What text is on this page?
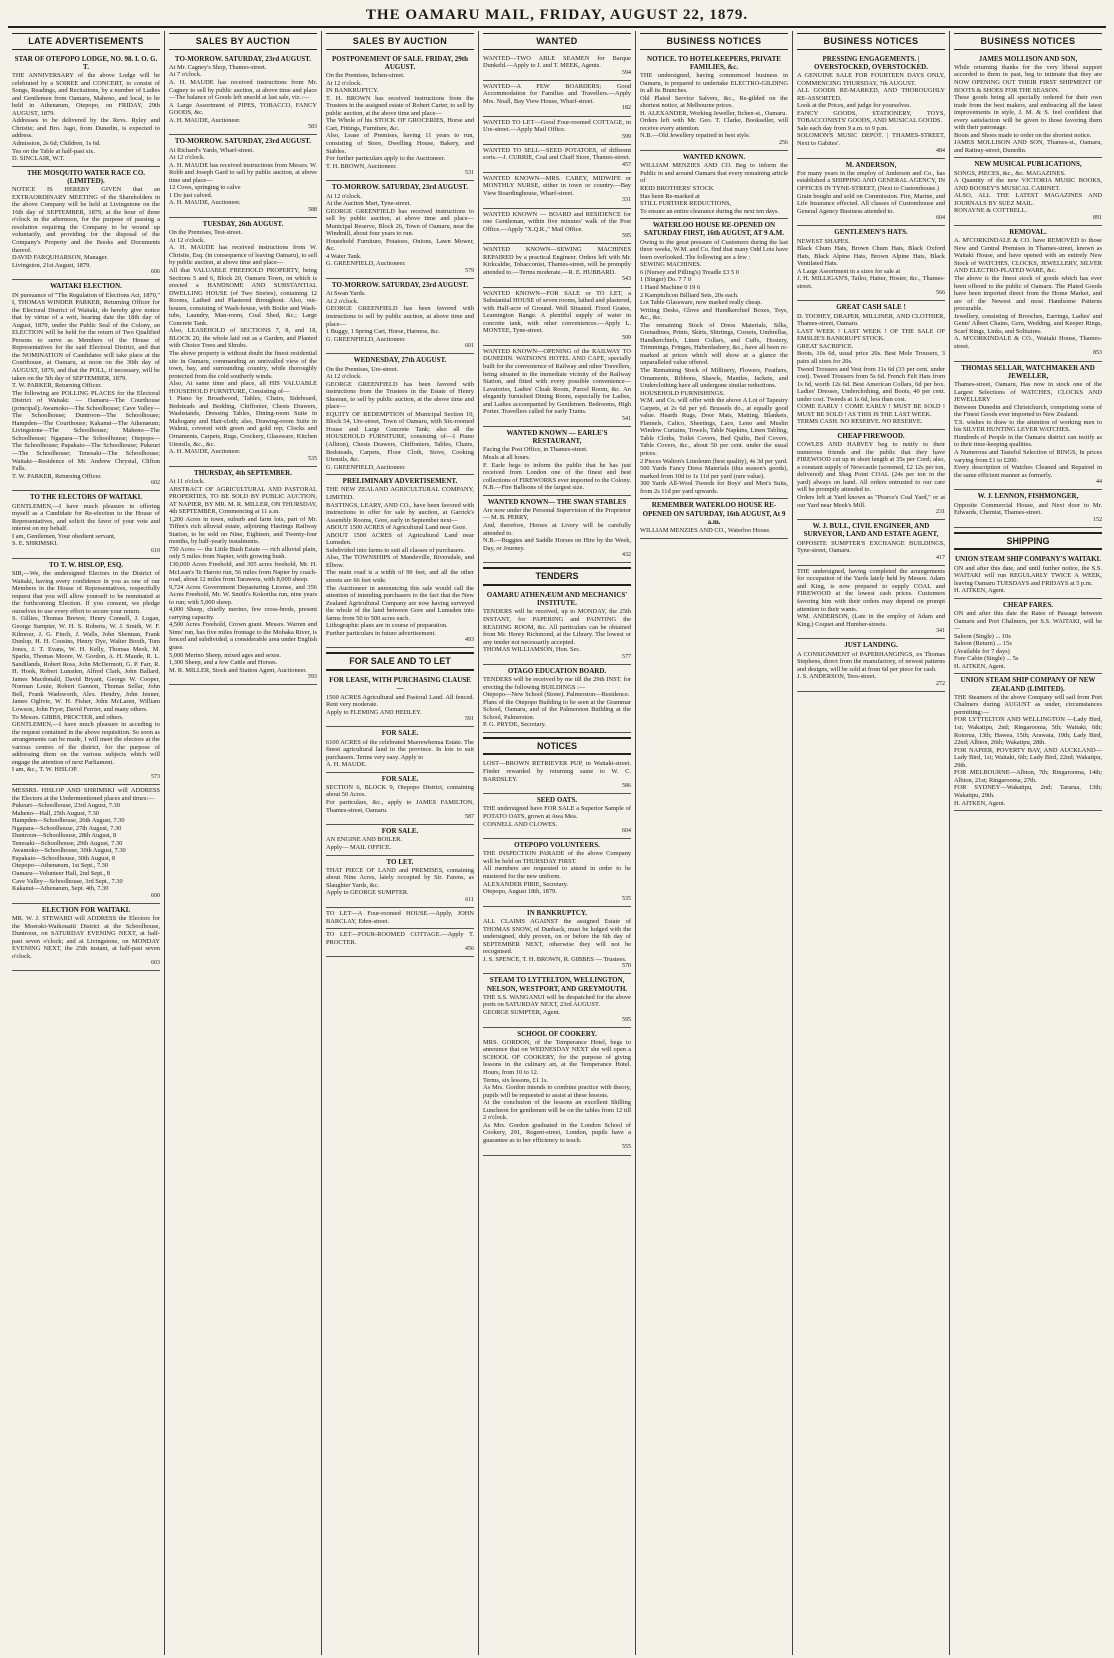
THE OAMARU MAIL, FRIDAY, AUGUST 22, 1879.
LATE ADVERTISEMENTS
STAR OF OTEPOPO LODGE, NO. 98. I. O. G. T.
THE ANNIVERSARY of the above Lodge will be celebrated by a SOIREE and CONCERT, to consist of Songs, Readings, and Recitations, by a number of Ladies and Gentlemen from Oamaru, Maheno, and local, to be held in Athenæum, Otepopo, on FRIDAY, 29th AUGUST, 1879.
Addresses to be delivered by the Revs. Ryley and Christie; and Bro. Jago, from Dunedin, is expected to address.
Admission, 2s 6d; Children, 1s 6d.
Tea on the Table at half-past six.
D. SINCLAIR, W.T.
THE MOSQUITO WATER RACE CO. (LIMITED).
NOTICE IS HEREBY GIVEN that an EXTRAORDINARY MEETING of the Shareholders in the above Company will be held at Livingstone on the 16th day of SEPTEMBER, 1879, at the hour of three o'clock in the afternoon, for the purpose of passing a resolution requiring the Company to be wound up voluntarily, and providing for the disposal of the Company's Property and the Books and Documents thereof.
DAVID FARQUHARSON, Manager.
Livingston, 21st August, 1879.
606
WAITAKI ELECTION.
IN pursuance of "The Regulation of Elections Act, 1870," I, THOMAS WINDER PARKER, Returning Officer for the Electoral District of Waitaki, do hereby give notice that by virtue of a writ, bearing date the 18th day of August, 1879, under the Public Seal of the Colony, an ELECTION will be held for the return of Two Qualified Persons to serve as Members of the House of Representatives for the said Electoral District, and that the NOMINATION of Candidates will take place at the Courthouse, at Oamaru, at noon on the 30th day of AUGUST, 1879, and that the POLL, if necessary, will be taken on the 5th day of SEPTEMBER, 1879.
T. W. PARKER, Returning Officer.
The following are POLLING PLACES for the Electoral District of Waitaki: — Oamaru—The Courthouse (principal); Awamoko—The Schoolhouse; Cave Valley—The Schoolhouse; Duntroon—The Schoolhouse; Hampden—The Courthouse; Kakanui—The Athenæum; Livingstone—The Schoolhouse; Maheno—The Schoolhouse; Ngapara—The Schoolhouse; Otepopo—The Schoolhouse; Papakaio—The Schoolhouse; Pukeuri—The Schoolhouse; Tenesaki—The Schoolhouse; Waitaki—Residence of Mr. Andrew Chrystal, Clifton Falls.
T. W. PARKER, Returning Officer.
602
TO THE ELECTORS OF WAITAKI.
GENTLEMEN,—I have much pleasure in offering myself as a Candidate for Re-election to the House of Representatives, and solicit the favor of your vote and interest on my behalf.
I am, Gentlemen, Your obedient servant,
S. E. SHRIMSKI.
610
TO T. W. HISLOP, ESQ.
SIR,—We, the undersigned Electors in the District of Waitaki, having every confidence in you as one of our Members in the House of Representatives, respectfully request that you will allow yourself to be nominated at the forthcoming Election. If you consent, we pledge ourselves to use every effort to secure your return.
S. Gillies, Thomas Brewer, Henry Connell, J. Logan, George Sumpter, W. H. S. Roberts, W. J. Smith, W. F. Kilmour, J. G. Finch, J. Walls, John Shennan, Frank Dunlop, H. H. Cousins, Henry Dye, Walter Booth, Tom Jones, J. T. Evans, W. H. Kelly, Thomas Meek, M. Sparks, Thomas Moore, W. Gordon, A. H. Maude, R. L. Sandilands, Robert Ross, John McDermott, G. P. Farr, R. H. Hook, Robert Lunsden, Alfred Clark, John Ballard, James Macdonald, David Bryant, George W. Cooper, Norman Louie, Robert Gannon, Thomas Sellar, John Bell, Frank Wadsworth, Alex. Hendry, John Jenner, James Oglivie, W. H. Fisher, John McLaren, William Lowson, John Fryer, David Ferrier, and many others.
To Messrs. GIBBS, PROCTER, and others.
GENTLEMEN,—I have much pleasure in acceding to the request contained in the above requisition. So soon as arrangements can be made, I will meet the electors at the various centres of the district, for the purpose of addressing them on the various subjects which will engage the attention of next Parliament.
I am, &c., T. W. HISLOP.
573
MESSRS. HISLOP AND SHRIMSKI will ADDRESS the Electors at the Undermentioned places and times:—
Pukeuri—Schoolhouse, 23rd August, 7.30
Maheno—Hall, 25th August, 7.30
Hampden—Schoolhouse, 26th August, 7.30
Ngapara—Schoolhouse, 27th August, 7.30
Duntroon—Schoolhouse, 28th August, 8
Tenesaki—Schoolhouse, 29th August, 7.30
Awamoko—Schoolhouse, 30th August, 7.30
Papakaio—Schoolhouse, 30th August, 8
Otepopo—Athenæum, 1st Sept., 7.30
Oamaru—Volunteer Hall, 2nd Sept., 8
Cave Valley—Schoolhouse, 3rd Sept., 7.30
Kakanui—Athenæum, Sept. 4th, 7.30
600
ELECTION FOR WAITAKI.
MR. W. J. STEWARD will ADDRESS the Electors for the Moeraki-Waikouaiti District at the Schoolhouse, Duntroon, on SATURDAY EVENING NEXT, at half-past seven o'clock; and at Livingstone, on MONDAY EVENING NEXT, the 25th instant, at half-past seven o'clock.
603
SALES BY AUCTION
TO-MORROW. SATURDAY, 23rd AUGUST.
At Mr. Cagney's Shop, Thames-street.
At 7 o'clock.
A. H. MAUDE has received instructions from Mr. Cagney to sell by public auction, at above time and place—The balance of Goods left unsold at last sale, viz.:—
A Large Assortment of PIPES, TOBACCO, FANCY GOODS, &c.
A. H. MAUDE, Auctioneer.
583
TO-MORROW. SATURDAY, 23rd AUGUST.
At Richard's Yards, Wharf-street.
At 12 o'clock.
A. H. MAUDE has received instructions from Messrs. W. Robb and Joseph Gard to sell by public auction, at above time and place—
12 Cows, springing to calve
1 Do just calved.
A. H. MAUDE, Auctioneer.
588
TUESDAY, 26th AUGUST.
On the Premises, Test-street.
At 12 o'clock.
A. H. MAUDE has received instructions from W. Christie, Esq. (in consequence of leaving Oamaru), to sell by public auction, at above time and place—
All that VALUABLE FREEHOLD PROPERTY, being Sections 5 and 6, Block 20, Oamaru Town, on which is erected a HANDSOME AND SUBSTANTIAL DWELLING HOUSE (of Two Stories), containing 12 Rooms, Lathed and Plastered throughout. Also, out-houses, consisting of Wash-house, with Boiler and Wash-tubs, Laundry, Man-room, Coal Shed, &c.; Large Concrete Tank.
Also, LEASEHOLD of SECTIONS 7, 8, and 18, BLOCK 20, the whole laid out as a Garden, and Planted with Choice Trees and Shrubs.
The above property is without doubt the finest residential site in Oamaru, commanding an unrivalled view of the town, bay, and surrounding country, while thoroughly protected from the cold southerly winds.
Also, At same time and place, all HIS VALUABLE HOUSEHOLD FURNITURE, Consisting of—
1 Piano by Broadwood, Tables, Chairs, Sideboard, Bedsteads and Bedding, Chiffonier, Chests Drawers, Washstands, Dressing Tables, Dining-room Suite in Mahogany and Hair-cloth; also, Drawing-room Suite in Walnut, covered with green and gold rep; Clocks and Ornaments, Carpets, Rugs, Crockery, Glassware, Kitchen Utensils, &c., &c.
A. H. MAUDE, Auctioneer.
535
THURSDAY, 4th SEPTEMBER.
At 11 o'clock.
ABSTRACT OF AGRICULTURAL AND PASTORAL PROPERTIES, TO BE SOLD BY PUBLIC AUCTION, AT NAPIER, BY MR. M. R. MILLER, ON THURSDAY, 4th SEPTEMBER, Commencing at 11 a.m.
1,200 Acres in town, suburb and farm lots, part of Mr. Tiffen's rich alluvial estate, adjoining Hastings Railway Station, to be sold on Nine, Eighteen, and Twenty-four months, by half-yearly instalments.
750 Acres — the Little Bush Estate — rich alluvial plain, only 5 miles from Napier, with growing bush.
130,000 Acres Freehold, and 305 acres freehold, Mr. H. McLean's Te Haroto run, 56 miles from Napier by coach-road, about 12 miles from Tarawera, with 8,000 sheep.
9,724 Acres Government Depasturing License, and 356 Acres Freehold, Mr. W. Smith's Kokoriha run, nine years to run; with 5,000 sheep.
4,000 Sheep, chiefly merino, few cross-breds, present carrying capacity.
4,500 Acres Freehold, Crown grant. Messrs. Warren and Sims' run, has five miles frontage to the Mohaka River, is fenced and subdivided, a considerable area under English grass.
5,000 Merino Sheep, mixed ages and sexes.
1,300 Sheep, and a few Cattle and Horses.
M. R. MILLER, Stock and Station Agent, Auctioneer.
593
SALES BY AUCTION
POSTPONEMENT OF SALE. FRIDAY, 29th AUGUST.
On the Premises, Itchen-street.
At 12 o'clock.
IN BANKRUPTCY.
T. H. BROWN has received instructions from the Trustees in the assigned estate of Robert Carter, to sell by public auction, at the above time and place—
The Whole of his STOCK OF GROCERIES, Horse and Cart, Fittings, Furniture, &c.
Also, Lease of Premises, having 11 years to run, consisting of Store, Dwelling House, Bakery, and Stables.
For further particulars apply to the Auctioneer.
T. H. BROWN, Auctioneer.
531
TO-MORROW. SATURDAY, 23rd AUGUST.
At 12 o'clock.
At the Auction Mart, Tyne-street.
GEORGE GREENFIELD has received instructions to sell by public auction, at above time and place— Municipal Reserve, Block 26, Town of Oamaru, near the Windmill, about four years to run.
Household Furniture, Potatoes, Onions, Lawn Mower, &c.
4 Water Tank.
G. GREENFIELD, Auctioneer.
579
TO-MORROW. SATURDAY, 23rd AUGUST.
At Swan Yards.
At 2 o'clock.
GEORGE GREENFIELD has been favored with instructions to sell by public auction, at above time and place—
1 Buggy, 1 Spring Cart, Horse, Harness, &c.
G. GREENFIELD, Auctioneer.
601
WEDNESDAY, 27th AUGUST.
On the Premises, Ure-street.
At 12 o'clock.
GEORGE GREENFIELD has been favored with instructions from the Trustees in the Estate of Henry Sheeran, to sell by public auction, at the above time and place—
EQUITY OF REDEMPTION of Municipal Section 10, Block 54, Ure-street, Town of Oamaru, with Six-roomed House and Large Concrete Tank; also all the HOUSEHOLD FURNITURE, consisting of—1 Piano (Albion), Chests Drawers, Chiffoniers, Tables, Chairs, Bedsteads, Carpets, Floor Cloth, Stove, Cooking Utensils, &c.
G. GREENFIELD, Auctioneer.
PRELIMINARY ADVERTISEMENT.
THE NEW ZEALAND AGRICULTURAL COMPANY, LIMITED.
BASTINGS, LEARY, AND CO., have been favored with instructions to offer for sale by auction, at Garrick's Assembly Rooms, Gore, early in September next—
ABOUT 1500 ACRES of Agricultural Land near Gore.
ABOUT 1500 ACRES of Agricultural Land near Lumsden.
Subdivided into farms to suit all classes of purchasers.
Also, The TOWNSHIPS of Mandeville, Riversdale, and Elbow.
The main road is a width of 99 feet, and all the other streets are 66 feet wide.
The Auctioneer in announcing this sale would call the attention of intending purchasers to the fact that the New Zealand Agricultural Company are now having surveyed the whole of the land between Gore and Lumsden into farms from 50 to 500 acres each.
Lithographic plans are in course of preparation.
Further particulars in future advertisement.
493
FOR SALE AND TO LET
FOR LEASE, WITH PURCHASING CLAUSE—
1500 ACRES Agricultural and Pastoral Land. All fenced. Rent very moderate.
Apply to FLEMING AND HEDLEY.
591
FOR SALE.
6100 ACRES of the celebrated Maerewhenua Estate. The finest agricultural land in the province. In lots to suit purchasers. Terms very easy. Apply to
A. H. MAUDE.
FOR SALE.
SECTION 6, BLOCK 9, Otepopo District, containing about 50 Acres.
For particulars, &c., apply to JAMES FAMILTON, Thames-street, Oamaru.
587
FOR SALE.
AN ENGINE AND BOILER.
Apply— MAIL OFFICE.
TO LET.
THAT PIECE OF LAND and PREMISES, containing about Nine Acres, lately occupied by Sir. Farens, as Slaughter Yards, &c.
Apply to GEORGE SUMPTER.
611
TO LET—A Four-roomed HOUSE.—Apply, JOHN BARCLAY, Eden-street.
TO LET—FOUR-ROOMED COTTAGE.—Apply T. PROCTER.
456
WANTED
WANTED—TWO ABLE SEAMEN for Barque Dunkeld.—Apply to J. and T. MEEK, Agents.
594
WANTED—A FEW BOARDERS; Good Accommodation for Families and Travellers.—Apply Mrs. Noall, Bay View House, Wharf-street.
182
WANTED TO LET—Good Four-roomed COTTAGE, in Ure-street.—Apply Mail Office.
599
WANTED TO SELL—SEED POTATOES, of different sorts.—J. CURRIE, Coal and Chaff Store, Thames-street.
457
WANTED KNOWN—MRS. CAREY, MIDWIFE or MONTHLY NURSE, either in town or country.—Bay View Boardinghouse, Wharf-street.
331
WANTED KNOWN — BOARD and RESIDENCE for one Gentleman, within five minutes' walk of the Post Office.—Apply "X.Q.R.," Mail Office.
595
WANTED KNOWN—SEWING MACHINES REPAIRED by a practical Engineer. Orders left with Mr. Kirkcaldie, Tobacconist, Thames-street, will be promptly attended to.—Terms moderate.—R. E. HUBBARD.
543
WANTED KNOWN—FOR SALE or TO LET, a Substantial HOUSE of seven rooms, lathed and plastered, with Half-acre of Ground. Well Situated. Fixed Grates, Leamington Range. A plentiful supply of water in concrete tank, with other conveniences.—Apply L. MONTEE, Tyne-street.
509
WANTED KNOWN—OPENING of the RAILWAY TO DUNEDIN. WATSON'S HOTEL AND CAFE, specially built for the convenience of Railway and other Travellers, being situated in the immediate vicinity of the Railway Station, and fitted with every possible convenience—Lavatories, Ladies' Cloak Room, Parcel Room, &c. An elegantly furnished Dining Room, especially for Ladies, and Ladies accompanied by Gentlemen. Bedrooms, High Porter. Travellers called for early Trains.
541
WANTED KNOWN — EARLE'S RESTAURANT,
Facing the Post Office, in Thames-street.
Meals at all hours.
F. Earle begs to inform the public that he has just received from London one of the finest and best collections of FIREWORKS ever imported to the Colony.
N.B.—Fire Balloons of the largest size.
WANTED KNOWN— THE SWAN STABLES
Are now under the Personal Supervision of the Proprietor— M. B. PERRY,
And, therefore, Horses at Livery will be carefully attended to.
N.B.—Buggies and Saddle Horses on Hire by the Week, Day, or Journey.
432
TENDERS
OAMARU ATHENÆUM AND MECHANICS' INSTITUTE.
TENDERS will be received, up to MONDAY, the 25th INSTANT, for PAPERING and PAINTING the READING ROOM, &c. All particulars can be obtained from Mr. Henry Richmond, at the Library. The lowest or any tender not necessarily accepted.
THOMAS WILLIAMSON, Hon. Sec.
577
OTAGO EDUCATION BOARD.
TENDERS will be received by me till the 29th INST. for erecting the following BUILDINGS :—
Otepopo—New School (Stone). Palmerston—Residence.
Plans of the Otepopo Building to be seen at the Grammar School, Oamaru, and of the Palmerston Building at the School, Palmerston.
P. G. PRYDE, Secretary.
NOTICES
LOST—BROWN RETRIEVER PUP, in Waitaki-street. Finder rewarded by returning same to W. C. BARDSLEY.
586
SEED OATS.
THE undersigned have FOR SALE a Superior Sample of POTATO OATS, grown at Awa Mea.
CONNELL AND CLOWES.
604
OTEPOPO VOLUNTEERS.
THE INSPECTION PARADE of the above Company will be held on THURSDAY FIRST.
All members are requested to attend in order to be mustered for the new uniform.
ALEXANDER PIRIE, Secretary.
Otepopo, August 18th, 1879.
535
IN BANKRUPTCY.
ALL CLAIMS AGAINST the assigned Estate of THOMAS SNOW, of Dunback, must be lodged with the undersigned, duly proven, on or before the 6th day of SEPTEMBER NEXT, otherwise they will not be recognised.
J. S. SPENCE, T. H. BROWN, R. GIBBES — Trustees.
570
STEAM TO LYTTELTON, WELLINGTON, NELSON, WESTPORT, AND GREYMOUTH.
THE S.S. WANGANUI will be despatched for the above ports on SATURDAY NEXT, 23rd AUGUST.
GEORGE SUMPTER, Agent.
595
SCHOOL OF COOKERY.
MRS. GORDON, of the Temperance Hotel, begs to announce that on WEDNESDAY NEXT she will open a SCHOOL OF COOKERY, for the purpose of giving lessons in the culinary art, at the Temperance Hotel. Hours, from 10 to 12.
Terms, six lessons, £1 1s.
As Mrs. Gordon intends to combine practice with theory, pupils will be requested to assist at these lessons.
At the conclusion of the lessons an excellent Shilling Luncheon for gentlemen will be on the tables from 12 till 2 o'clock.
As Mrs. Gordon graduated in the London School of Cookery, 291, Regent-street, London, pupils have a guarantee as to her efficiency to teach.
555
BUSINESS NOTICES
NOTICE. TO HOTELKEEPERS, PRIVATE FAMILIES, &c.
THE undersigned, having commenced business in Oamaru, is prepared to undertake ELECTRO-GILDING in all its Branches.
Old Plated Service Salvers, &c., Re-gilded on the shortest notice, at Melbourne prices.
H. ALEXANDER, Working Jeweller, Itchen-st., Oamaru.
Orders left with Mr. Geo. T. Clarke, Bookseller, will receive every attention.
N.B.—Old Jewellery repaired in best style.
256
WANTED KNOWN.
WILLIAM MENZIES AND CO. Beg to inform the Public in and around Oamaru that every remaining article of
REID BROTHERS' STOCK
Has been Re-marked at
STILL FURTHER REDUCTIONS,
To ensure an entire clearance during the next ten days.
WATERLOO HOUSE RE-OPENED ON SATURDAY FIRST, 16th AUGUST, AT 9 A.M.
Owing to the great pressure of Customers during the last three weeks, W.M. and Co. find that many Odd Lots have been overlooked. The following are a few :
SEWING MACHINES.
6 (Nursey and Pilling's) Treadle £3 5 0
1 (Singer) Do. 7 7 0
1 Hand Machine 0 19 6
2 Kamptulicon Billiard Sets, 20s each.
Lot Table Glassware, now marked really cheap.
Writing Desks, Glove and Handkerchief Boxes, Toys, &c., &c.
The remaining Stock of Dress Materials, Silks, Grenadines, Prints, Skirts, Shirtings, Corsets, Umbrellas, Handkerchiefs, Linen Collars, and Cuffs, Hosiery, Trimmings, Fringes, Haberdashery, &c., have all been re-marked at prices which will show at a glance the unparalleled value offered.
The Remaining Stock of Millinery, Flowers, Feathers, Ornaments, Ribbons, Shawls, Mantles, Jackets, and Underclothing have all undergone similar reductions.
HOUSEHOLD FURNISHINGS.
W.M. and Co. will offer with the above A Lot of Tapestry Carpets, at 2s 6d per yd. Brussels do., at equally good value. Hearth Rugs, Door Mats, Matting, Blankets, Flannels, Calico, Sheetings, Lace, Leno and Muslin Window Curtains, Towels, Table Napkins, Linen Tabling, Table Cloths, Toilet Covers, Bed Quilts, Bed Covers, Table Covers, &c., about 50 per cent. under the usual prices.
2 Pieces Walton's Linoleum (best quality), 4s 3d per yard.
500 Yards Fancy Dress Materials (this season's goods), marked from 10d to 1s 11d per yard (rare value).
300 Yards All-Wool Tweeds for Boys' and Men's Suits, from 2s 11d per yard upwards.
REMEMBER WATERLOO HOUSE RE-OPENED ON SATURDAY, 16th AUGUST, At 9 a.m.
WILLIAM MENZIES AND CO., Waterloo House.
BUSINESS NOTICES
PRESSING ENGAGEMENTS. | OVERSTOCKED, OVERSTOCKED.
A GENUINE SALE FOR FOURTEEN DAYS ONLY, COMMENCING THURSDAY, 7th AUGUST.
ALL GOODS RE-MARKED, AND THOROUGHLY RE-ASSORTED.
Look at the Prices, and judge for yourselves.
FANCY GOODS, STATIONERY, TOYS, TOBACCONISTS' GOODS, AND MUSICAL GOODS.
Sale each day from 9 a.m. to 9 p.m.
SOLOMON'S MUSIC DEPOT. | THAMES-STREET, Next to Gabites'.
484
M. ANDERSON,
For many years in the employ of Anderson and Co., has established a SHIPPING AND GENERAL AGENCY, IN OFFICES IN TYNE-STREET, (Next to Customhouse.)
Grain bought and sold on Commission. Fire, Marine, and Life Insurance effected. All classes of Customhouse and General Agency Business attended to.
604
GENTLEMEN'S HATS.
NEWEST SHAPES.
Black Chum Hats, Brown Chum Hats, Black Oxford Hats, Black Alpine Hats, Brown Alpine Hats, Black Ventilated Hats.
A Large Assortment in a sizes for sale at
J. H. MILLIGAN'S, Tailor, Hatter, Hosier, &c., Thames-street.
566
GREAT CASH SALE !
D. TOOHEY, DRAPER, MILLINER, AND CLOTHIER, Thames-street, Oamaru.
LAST WEEK ! LAST WEEK ! OF THE SALE OF EMSLIE'S BANKRUPT STOCK.
GREAT SACRIFICE.
Boots, 10s 6d, usual price 20s. Best Mole Trousers, 3 pairs all sizes for 20s.
Tweed Trousers and Vest from 11s 6d (33 per cent. under cost). Tweed Trousers from 5s 6d. French Felt Hats from 1s 6d, worth 12s 6d. Best American Collars, 6d per box. Ladies' Dresses, Underclothing, and Boots, 40 per cent. under cost. Tweeds at 1s 6d, less than cost.
COME EARLY ! COME EARLY ! MUST BE SOLD ! MUST BE SOLD ! AS THIS IS THE LAST WEEK.
TERMS CASH. NO RESERVE. NO RESERVE.
CHEAP FIREWOOD.
COWLES AND HARVEY beg to notify to their numerous friends and the public that they have FIREWOOD cut up in short length at 35s per Cord; also, a constant supply of Newcastle (screened, £2 12s per ton, delivered) and Shag Point COAL (24s per ton in the yard) always on hand. All orders entrusted to our care will be promptly attended to.
Orders left at Yard known as "Pearce's Coal Yard," or at our Yard near Meek's Mill.
231
W. J. BULL, CIVIL ENGINEER, AND SURVEYOR, LAND AND ESTATE AGENT,
OPPOSITE SUMPTER'S EXCHANGE BUILDINGS, Tyne-street, Oamaru.
417
THE undersigned, having completed the arrangements for occupation of the Yards lately held by Messrs. Adam and King, is now prepared to supply COAL and FIREWOOD at the lowest cash prices. Customers favoring him with their orders may depend on prompt attention to their wants.
WM. ANDERSON, (Late in the employ of Adam and King.) Coquet and Humber-streets.
341
JUST LANDING.
A CONSIGNMENT of PAPERHANGINGS, ex Thomas Stephens, direct from the manufactory, of newest patterns and designs, will be sold at from 6d per piece for cash.
J. S. ANDERSON, Tees-street.
272
BUSINESS NOTICES
JAMES MOLLISON AND SON,
While returning thanks for the very liberal support accorded to them in past, beg to intimate that they are NOW OPENING OUT THEIR FIRST SHIPMENT OF BOOTS & SHOES FOR THE SEASON.
These goods being all specially ordered for their own trade from the best makers, and embracing all the latest improvements in style, J. M. & S. feel confident that every satisfaction will be given to those favoring them with their patronage.
Boots and Shoes made to order on the shortest notice.
JAMES MOLLISON AND SON, Thames-st., Oamaru, and Rattray-street, Dunedin.
NEW MUSICAL PUBLICATIONS,
SONGS, PIECES, &c., &c. MAGAZINES.
A Quantity of the new VICTORIA MUSIC BOOKS, AND BOOSEY'S MUSICAL CABINET.
ALSO, ALL THE LATEST MAGAZINES AND JOURNALS BY SUEZ MAIL.
RONAYNE & COTTRELL.
891
REMOVAL.
A. M'CORKINDALE & CO. have REMOVED to those New and Central Premises in Thames-street, known as Waitaki House, and have opened with an entirely New Stock of WATCHES, CLOCKS, JEWELLERY, SILVER AND ELECTRO-PLATED WARE, &c.
The above is the finest stock of goods which has ever been offered to the public of Oamaru. The Plated Goods have been imported direct from the Home Market, and are of the Newest and most Handsome Patterns procurable.
Jewellery, consisting of Brooches, Earrings, Ladies' and Gents' Albert Chains, Gem, Wedding, and Keeper Rings, Scarf Rings, Links, and Solitaires.
A. M'CORKINDALE & CO., Waitaki House, Thames-street.
853
THOMAS SELLAR, WATCHMAKER AND JEWELLER,
Thames-street, Oamaru, Has now in stock one of the Largest Selections of WATCHES, CLOCKS AND JEWELLERY
Between Dunedin and Christchurch, comprising some of the Finest Goods ever imported to New Zealand.
T.S. wishes to draw to the attention of working men to his SILVER HUNTING LEVER WATCHES.
Hundreds of People in the Oamaru district can testify as to their time-keeping qualities.
A Numerous and Tasteful Selection of RINGS, In prices varying from £1 to £200.
Every description of Watches Cleaned and Repaired in the same efficient manner as formerly.
44
W. J. LENNON, FISHMONGER,
Opposite Commercial House, and Next door to Mr. Edwards, Chemist, Thames-street.
152
SHIPPING
UNION STEAM SHIP COMPANY'S WAITAKI.
ON and after this date, and until further notice, the S.S. WAITAKI will run REGULARLY TWICE A WEEK, leaving Oamaru TUESDAYS and FRIDAYS at 5 p.m.
H. AITKEN, Agent.
CHEAP FARES.
ON and after this date the Rates of Passage between Oamaru and Port Chalmers, per S.S. WAITAKI, will be—
Saloon (Single) ... 10s
Saloon (Return) ... 15s
(Available for 7 days)
Fore Cabin (Single) ... 5s
H. AITKEN, Agent.
UNION STEAM SHIP COMPANY OF NEW ZEALAND (LIMITED).
THE Steamers of the above Company will sail from Port Chalmers during AUGUST as under, circumstances permitting:—
FOR LYTTELTON AND WELLINGTON —Lady Bird, 1st; Wakatipu, 2nd; Ringarooma, 5th; Waitaki, 6th; Rotorua, 13th; Hawea, 15th; Arawata, 19th; Lady Bird, 22nd; Albion, 26th; Wakatipu, 28th.
FOR NAPIER, POVERTY BAY, AND AUCKLAND—Lady Bird, 1st; Waitaki, 6th; Lady Bird, 22nd; Wakatipu, 29th.
FOR MELBOURNE—Albion, 7th; Ringarooma, 14th; Albion, 21st; Ringarooma, 27th.
FOR SYDNEY—Wakatipu, 2nd; Tararua, 13th; Wakatipu, 29th.
H. AITKEN, Agent.
